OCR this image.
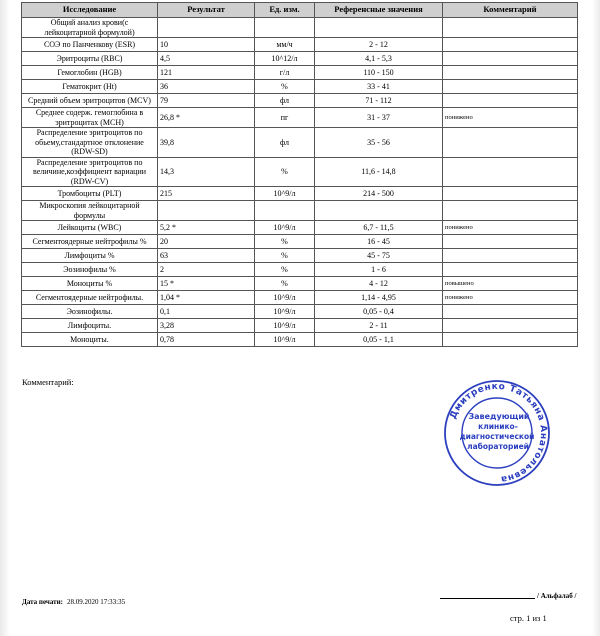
Исследование	Результат	Ед. изм.	Референсные значения	Комментарий
Общий анализ крови(с лейкоцитарной формулой)				
СОЭ по Панченкову (ESR)	10	мм/ч	2 - 12	
Эритроциты (RBC)	4,5	10^12/л	4,1 - 5,3	
Гемоглобин (HGB)	121	г/л	110 - 150	
Гематокрит (Ht)	36	%	33 - 41	
Средний объем эритроцитов (MCV)	79	фл	71 - 112	
Среднее содерж. гемоглобина в эритроцитах (MCH)	26,8 *	пг	31 - 37	понижено
Распределение эритроцитов по обьему,стандартное отклонение (RDW-SD)	39,8	фл	35 - 56	
Распределение эритроцитов по величине,коэффициент вариации (RDW-CV)	14,3	%	11,6 - 14,8	
Тромбоциты (PLT)	215	10^9/л	214 - 500	
Микроскопия лейкоцитарной формулы				
Лейкоциты (WBC)	5,2 *	10^9/л	6,7 - 11,5	понижено
Сегментоядерные нейтрофилы %	20	%	16 - 45	
Лимфоциты %	63	%	45 - 75	
Эозинофилы %	2	%	1 - 6	
Моноциты %	15 *	%	4 - 12	повышено
Сегментоядерные нейтрофилы.	1,04 *	10^9/л	1,14 - 4,95	понижено
Эозинофилы.	0,1	10^9/л	0,05 - 0,4	
Лимфоциты.	3,28	10^9/л	2 - 11	
Моноциты.	0,78	10^9/л	0,05 - 1,1	
Комментарий:
Дмитренко Татьяна Анатольевна
Заведующий
клинико-
диагностической
лабораторией
Дата печати: 28.09.2020 17:33:35
/ Альфалаб /
стр. 1 из 1
